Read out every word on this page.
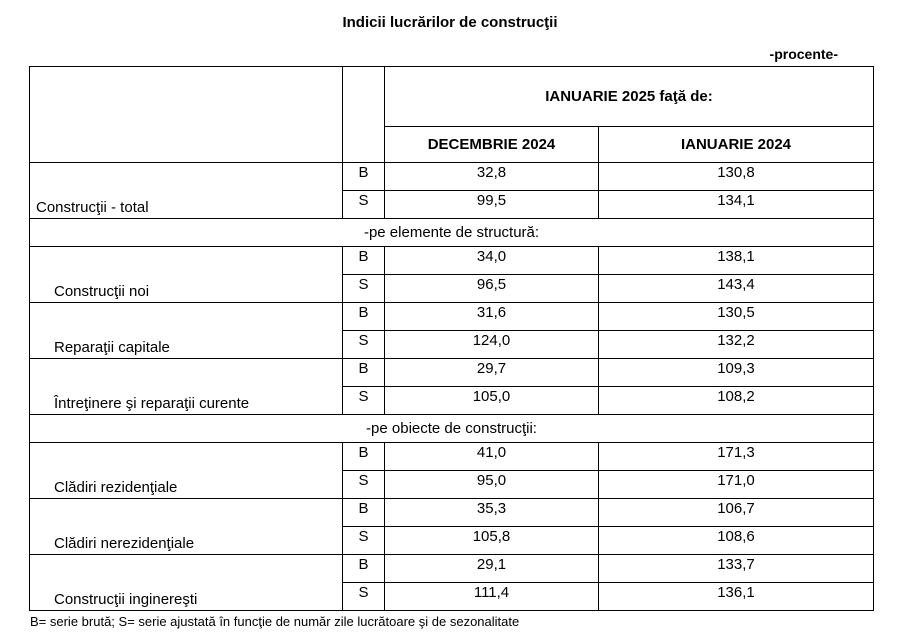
Indicii lucrărilor de construcţii
-procente-
		IANUARIE 2025 faţă de:	
		DECEMBRIE 2024	IANUARIE 2024
Construcţii - total	B	32,8	130,8
	S	99,5	134,1
-pe elemente de structură:			
Construcţii noi	B	34,0	138,1
	S	96,5	143,4
Reparaţii capitale	B	31,6	130,5
	S	124,0	132,2
Întreţinere şi reparaţii curente	B	29,7	109,3
	S	105,0	108,2
-pe obiecte de construcţii:			
Clădiri rezidenţiale	B	41,0	171,3
	S	95,0	171,0
Clădiri nerezidenţiale	B	35,3	106,7
	S	105,8	108,6
Construcţii inginereşti	B	29,1	133,7
	S	111,4	136,1
B= serie brută; S= serie ajustată în funcţie de număr zile lucrătoare şi de sezonalitate
